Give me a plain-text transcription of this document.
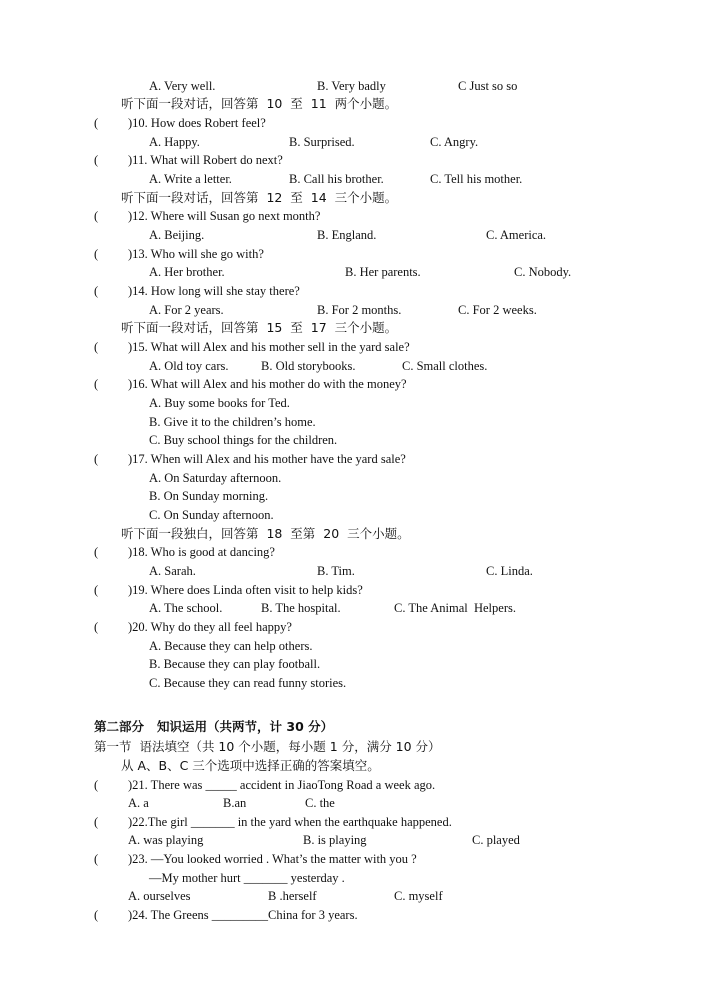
A. Very well.	B. Very badly	C Just so so
听下面一段对话，回答第  10  至  11  两个小题。
( )10. How does Robert feel?
A. Happy.	B. Surprised.	C. Angry.
( )11. What will Robert do next?
A. Write a letter.	B. Call his brother.	C. Tell his mother.
听下面一段对话，回答第  12  至  14  三个小题。
( )12. Where will Susan go next month?
A. Beijing.	B. England.	C. America.
( )13. Who will she go with?
A. Her brother.	B. Her parents.	C. Nobody.
( )14. How long will she stay there?
A. For 2 years.	B. For 2 months.	C. For 2 weeks.
听下面一段对话，回答第  15  至  17  三个小题。
( )15. What will Alex and his mother sell in the yard sale?
A. Old toy cars.	B. Old storybooks.	C. Small clothes.
( )16. What will Alex and his mother do with the money?
A. Buy some books for Ted.
B. Give it to the children’s home.
C. Buy school things for the children.
( )17. When will Alex and his mother have the yard sale?
A. On Saturday afternoon.
B. On Sunday morning.
C. On Sunday afternoon.
听下面一段独白，回答第  18  至第  20  三个小题。
( )18. Who is good at dancing?
A. Sarah.	B. Tim.	C. Linda.
( )19. Where does Linda often visit to help kids?
A. The school.	B. The hospital.	C. The Animal  Helpers.
( )20. Why do they all feel happy?
A. Because they can help others.
B. Because they can play football.
C. Because they can read funny stories.
第二部分   知识运用（共两节，计 30 分）
第一节  语法填空（共 10 个小题，每小题 1 分，满分 10 分）
从 A、B、C 三个选项中选择正确的答案填空。
( )21. There was _____ accident in JiaoTong Road a week ago.
A. a	B.an	C. the
( )22.The girl _______ in the yard when the earthquake happened.
A. was playing	B. is playing	C. played
( )23. —You looked worried . What’s the matter with you ?
—My mother hurt _______ yesterday .
A. ourselves	B .herself	C. myself
( )24. The Greens _________China for 3 years.
